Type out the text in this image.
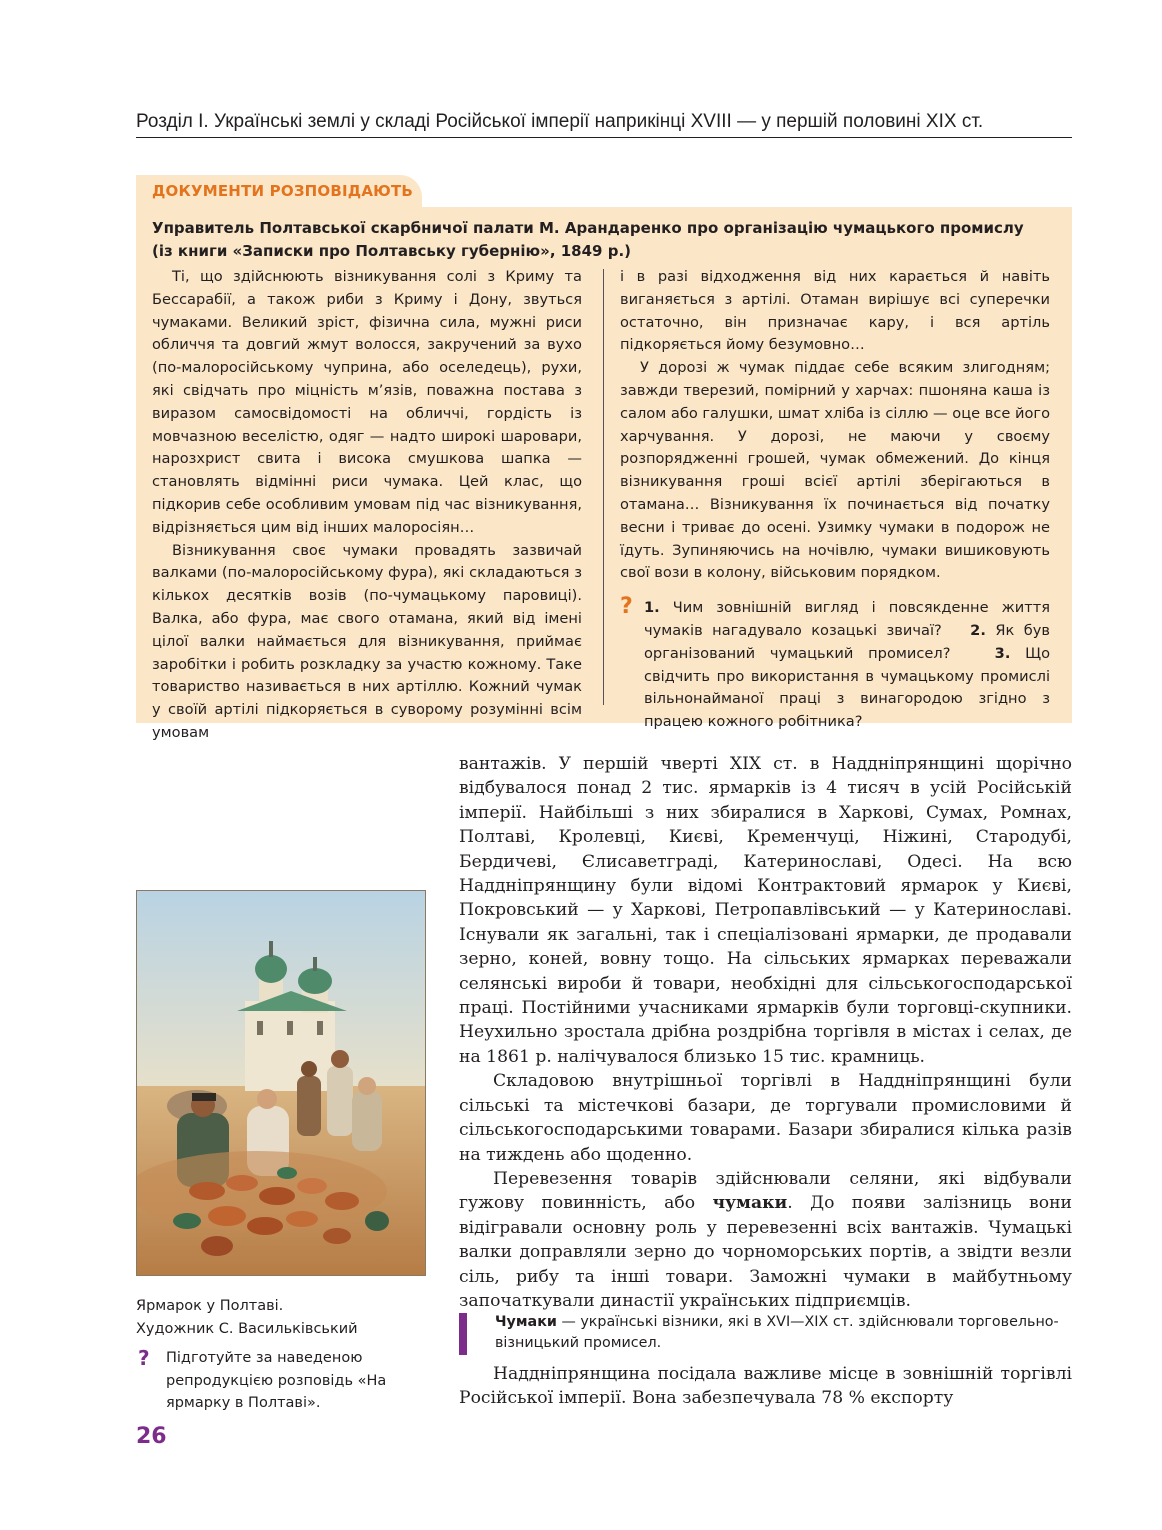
Розділ І. Українські землі у складі Російської імперії наприкінці XVIII — у першій половині XIX ст.
ДОКУМЕНТИ РОЗПОВІДАЮТЬ
Управитель Полтавської скарбничої палати М. Арандаренко про організацію чумацького промислу
(із книги «Записки про Полтавську губернію», 1849 р.)

Ті, що здійснюють візникування солі з Криму та Бессарабії, а також риби з Криму і Дону, звуться чумаками. Великий зріст, фізична сила, мужні риси обличчя та довгий жмут волосся, закручений за вухо (по-малоросійському чуприна, або оселедець), рухи, які свідчать про міцність м’язів, поважна постава з виразом самосвідомості на обличчі, гордість із мовчазною веселістю, одяг — надто широкі шаровари, нарозхрист свита і висока смушкова шапка — становлять відмінні риси чумака. Цей клас, що підкорив себе особливим умовам під час візникування, відрізняється цим від інших малоросіян…

Візникування своє чумаки провадять зазвичай валками (по-малоросійському фура), які складаються з кількох десятків возів (по-чумацькому паровиці). Валка, або фура, має свого отамана, який від імені цілої валки наймається для візникування, приймає заробітки і робить розкладку за участю кожному. Таке товариство називається в них артіллю. Кожний чумак у своїй артілі підкоряється в суворому розумінні всім умовам

і в разі відходження від них карається й навіть виганяється з артілі. Отаман вирішує всі суперечки остаточно, він призначає кару, і вся артіль підкоряється йому безумовно…

У дорозі ж чумак піддає себе всяким злигодням; завжди тверезий, помірний у харчах: пшоняна каша із салом або галушки, шмат хліба із сіллю — оце все його харчування. У дорозі, не маючи у своєму розпорядженні грошей, чумак обмежений. До кінця візникування гроші всієї артілі зберігаються в отамана… Візникування їх починається від початку весни і триває до осені. Узимку чумаки в подорож не їдуть. Зупиняючись на ночівлю, чумаки вишиковують свої вози в колону, військовим порядком.

? 1. Чим зовнішній вигляд і повсякденне життя чумаків нагадувало козацькі звичаї? 2. Як був організований чумацький промисел?	3. Що свідчить про використання в чумацькому промислі вільнонайманої праці з винагородою згідно з працею кожного робітника?

Ярмарок у Полтаві.
Художник С. Васильківський
? Підготуйте за наведеною репродукцією розповідь «На ярмарку в Полтаві».

вантажів. У першій чверті XIX ст. в Наддніпрянщині щорічно відбувалося понад 2 тис. ярмарків із 4 тисяч в усій Російській імперії. Найбільші з них збиралися в Харкові, Сумах, Ромнах, Полтаві, Кролевці, Києві, Кременчуці, Ніжині, Стародубі, Бердичеві, Єлисаветграді, Катеринославі, Одесі. На всю Наддніпрянщину були відомі Контрактовий ярмарок у Києві, Покровський — у Харкові, Петропавлівський — у Катеринославі. Існували як загальні, так і спеціалізовані ярмарки, де продавали зерно, коней, вовну тощо. На сільських ярмарках переважали селянські вироби й товари, необхідні для сільськогосподарської праці. Постійними учасниками ярмарків були торговці-скупники. Неухильно зростала дрібна роздрібна торгівля в містах і селах, де на 1861 р. налічувалося близько 15 тис. крамниць.

Складовою внутрішньої торгівлі в Наддніпрянщині були сільські та містечкові базари, де торгували промисловими й сільськогосподарськими товарами. Базари збиралися кілька разів на тиждень або щоденно.

Перевезення товарів здійснювали селяни, які відбували гужову повинність, або чумаки. До появи залізниць вони відігравали основну роль у перевезенні всіх вантажів. Чумацькі валки доправляли зерно до чорноморських портів, а звідти везли сіль, рибу та інші товари. Заможні чумаки в майбутньому започаткували династії українських підприємців.

Чумаки — українські візники, які в XVI—XIX ст. здійснювали торговельно-візницький промисел.

Наддніпрянщина посідала важливе місце в зовнішній торгівлі Російської імперії. Вона забезпечувала 78 % експорту

26
